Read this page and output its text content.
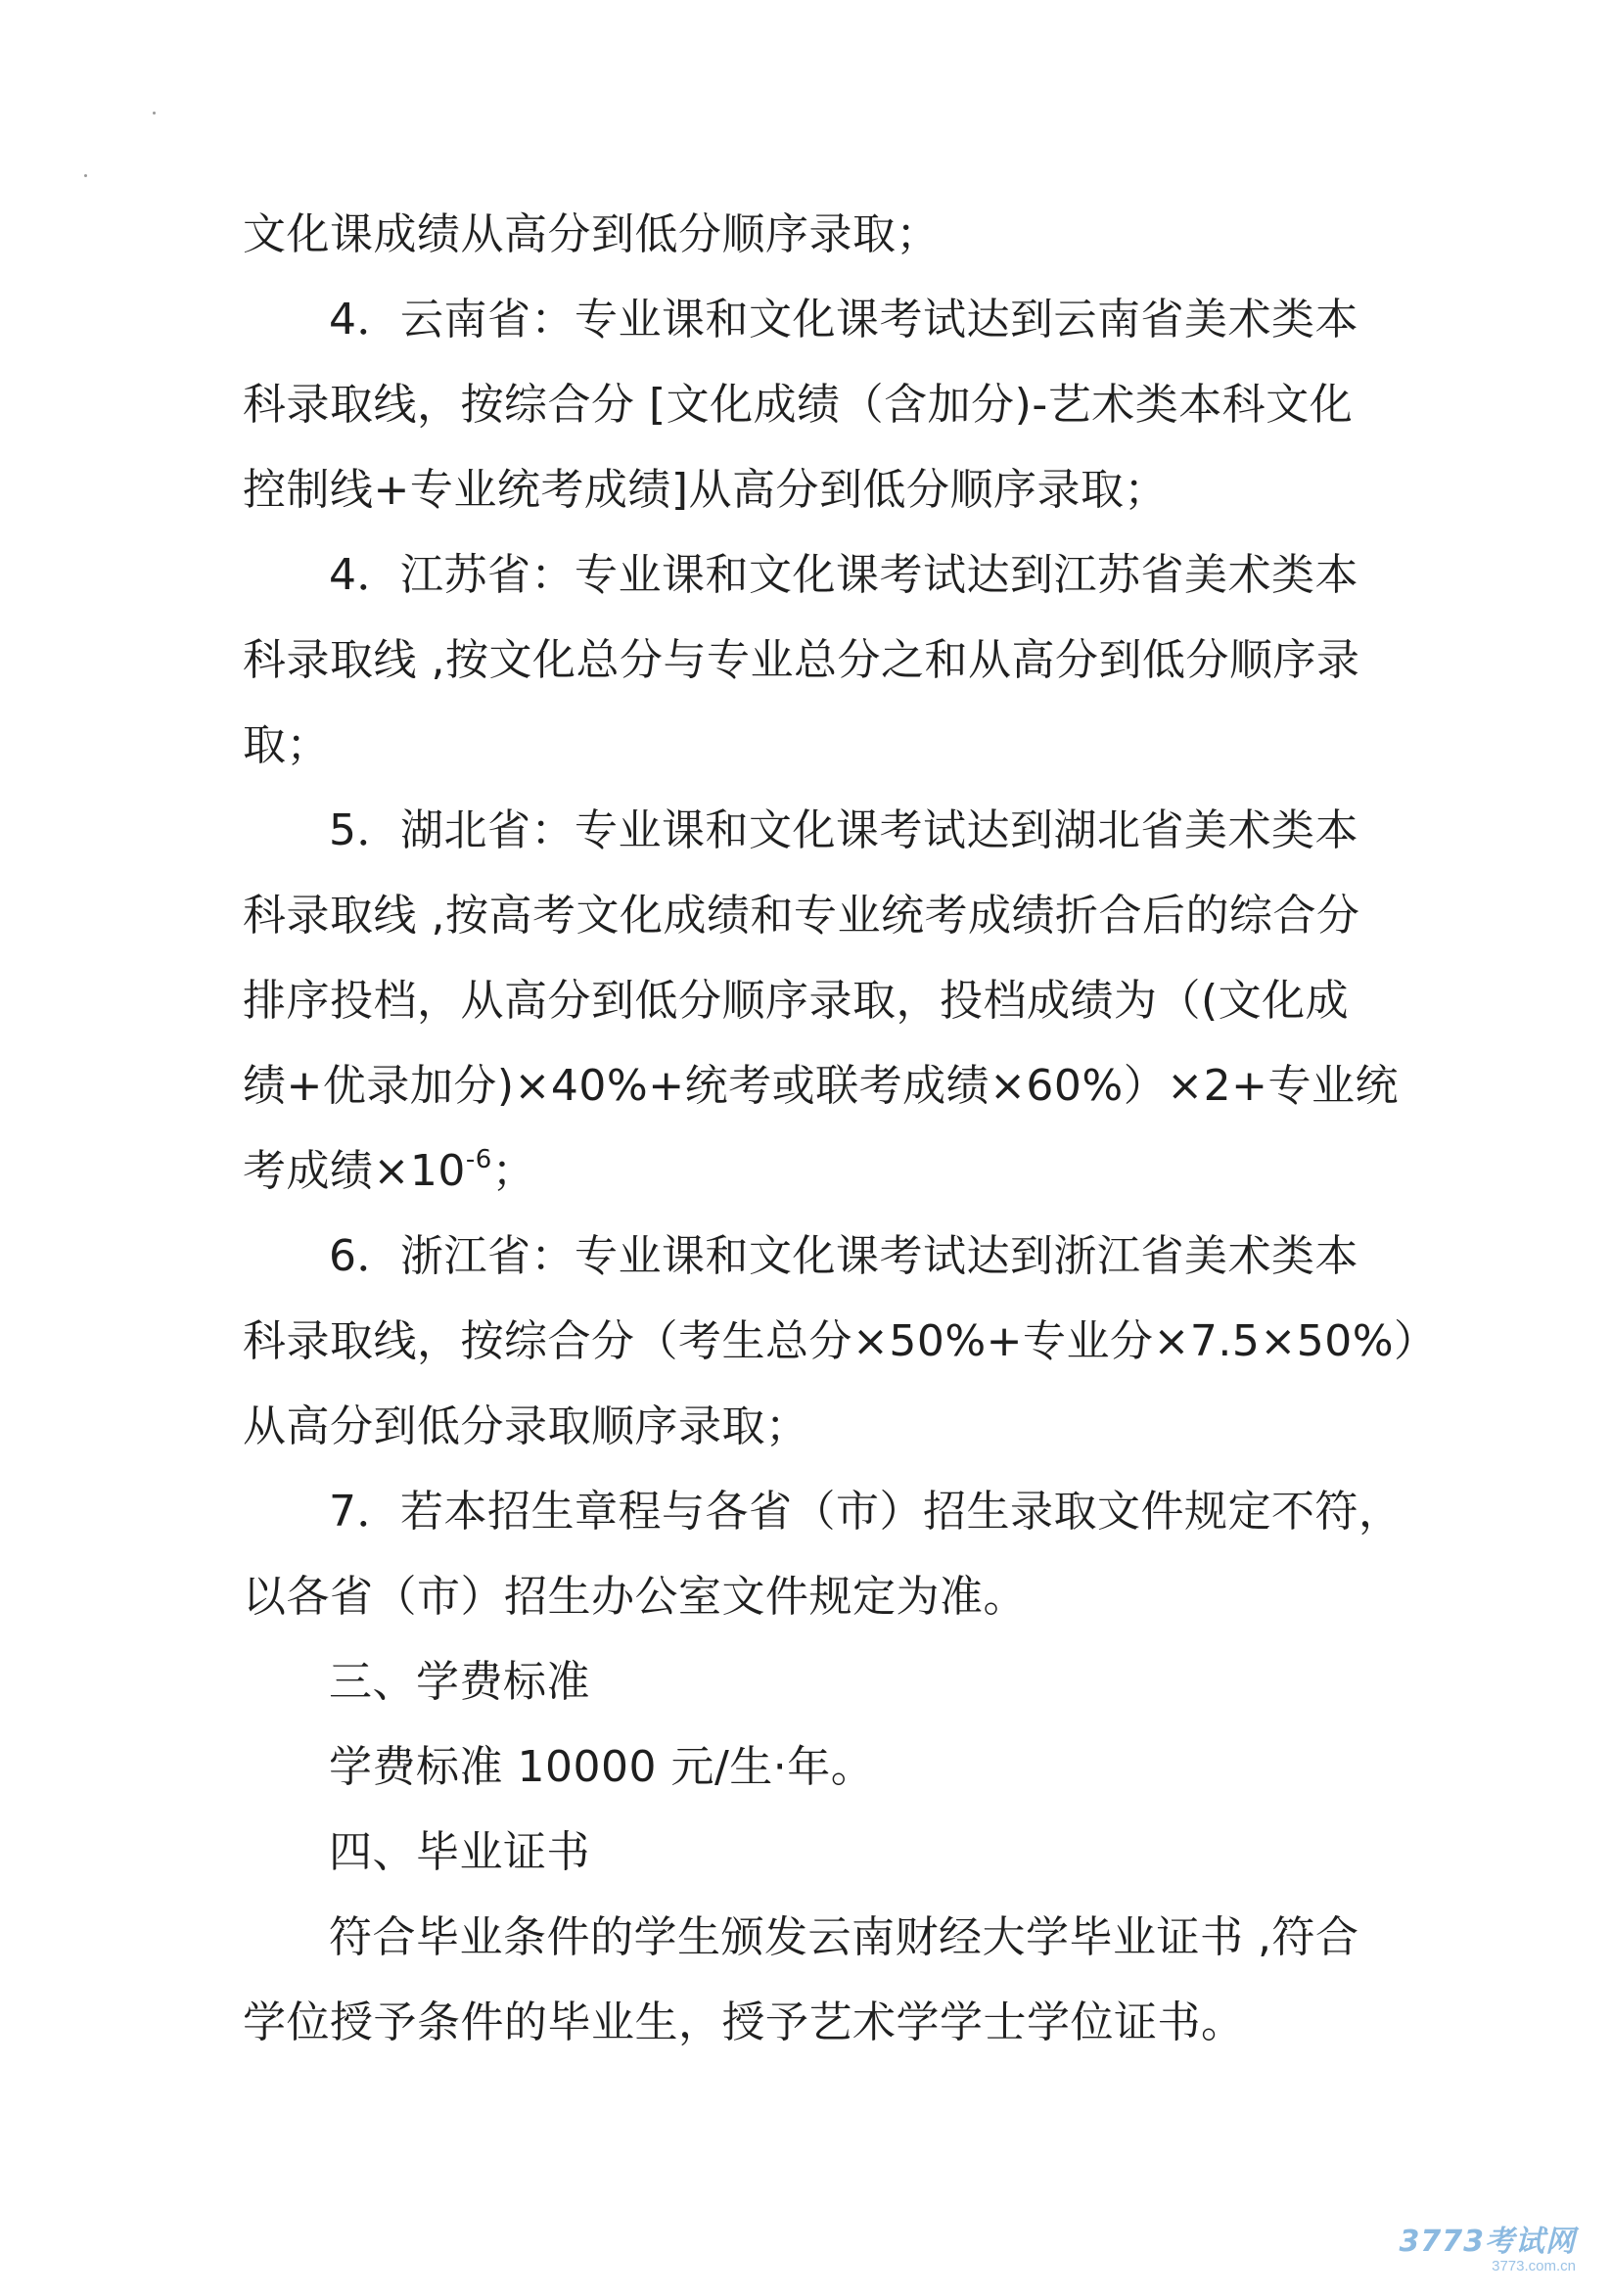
文化课成绩从高分到低分顺序录取；
4．云南省：专业课和文化课考试达到云南省美术类本
科录取线，按综合分 [文化成绩（含加分)-艺术类本科文化
控制线+专业统考成绩]从高分到低分顺序录取；
4．江苏省：专业课和文化课考试达到江苏省美术类本
科录取线 ,按文化总分与专业总分之和从高分到低分顺序录
取；
5．湖北省：专业课和文化课考试达到湖北省美术类本
科录取线 ,按高考文化成绩和专业统考成绩折合后的综合分
排序投档，从高分到低分顺序录取，投档成绩为（(文化成
绩+优录加分)×40%+统考或联考成绩×60%）×2+专业统
考成绩$\times 10^{-6}$；
6．浙江省：专业课和文化课考试达到浙江省美术类本
科录取线，按综合分（考生总分×50%+专业分×7.5×50%）
从高分到低分录取顺序录取；
7．若本招生章程与各省（市）招生录取文件规定不符，
以各省（市）招生办公室文件规定为准。
三、学费标准
学费标准 10000 元/生·年。
四、毕业证书
符合毕业条件的学生颁发云南财经大学毕业证书 ,符合
学位授予条件的毕业生，授予艺术学学士学位证书。
3773考试网
3773.com.cn
